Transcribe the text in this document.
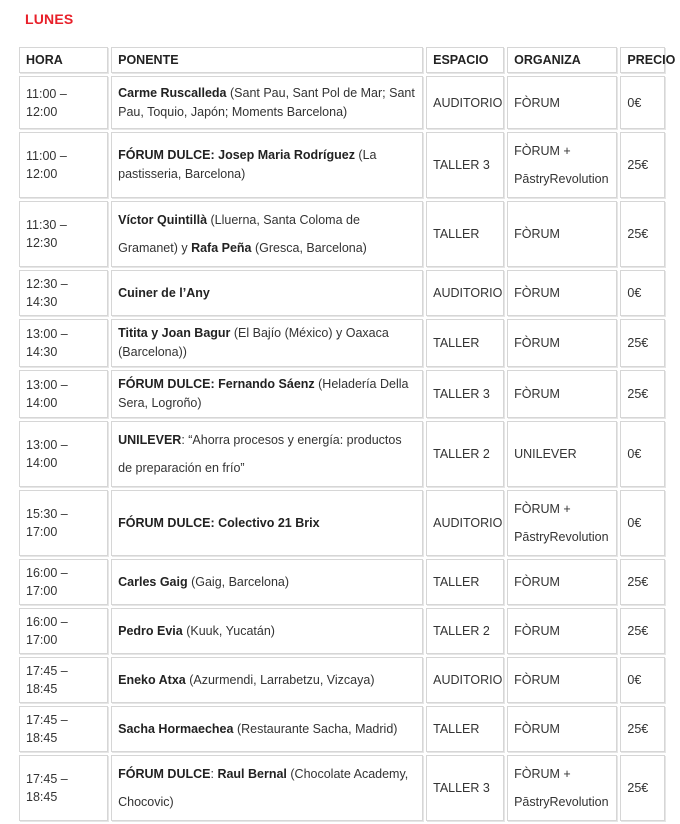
LUNES
HORA	PONENTE	ESPACIO	ORGANIZA	PRECIO
11:00 – 12:00	Carme Ruscalleda (Sant Pau, Sant Pol de Mar; Sant Pau, Toquio, Japón; Moments Barcelona)	AUDITORIO	FÒRUM	0€
11:00 – 12:00	FÓRUM DULCE: Josep Maria Rodríguez (La pastisseria, Barcelona)	TALLER 3	FÒRUM + PāstryRevolution	25€
11:30 – 12:30	Víctor Quintillà (Lluerna, Santa Coloma de Gramanet) y Rafa Peña (Gresca, Barcelona)	TALLER	FÒRUM	25€
12:30 – 14:30	Cuiner de l’Any	AUDITORIO	FÒRUM	0€
13:00 – 14:30	Titita y Joan Bagur (El Bajío (México) y Oaxaca (Barcelona))	TALLER	FÒRUM	25€
13:00 – 14:00	FÓRUM DULCE: Fernando Sáenz (Heladería Della Sera, Logroño)	TALLER 3	FÒRUM	25€
13:00 – 14:00	UNILEVER: “Ahorra procesos y energía: productos de preparación en frío”	TALLER 2	UNILEVER	0€
15:30 – 17:00	FÓRUM DULCE: Colectivo 21 Brix	AUDITORIO	FÒRUM + PāstryRevolution	0€
16:00 – 17:00	Carles Gaig (Gaig, Barcelona)	TALLER	FÒRUM	25€
16:00 – 17:00	Pedro Evia (Kuuk, Yucatán)	TALLER 2	FÒRUM	25€
17:45 – 18:45	Eneko Atxa (Azurmendi, Larrabetzu, Vizcaya)	AUDITORIO	FÒRUM	0€
17:45 – 18:45	Sacha Hormaechea (Restaurante Sacha, Madrid)	TALLER	FÒRUM	25€
17:45 – 18:45	FÓRUM DULCE: Raul Bernal (Chocolate Academy, Chocovic)	TALLER 3	FÒRUM + PāstryRevolution	25€
